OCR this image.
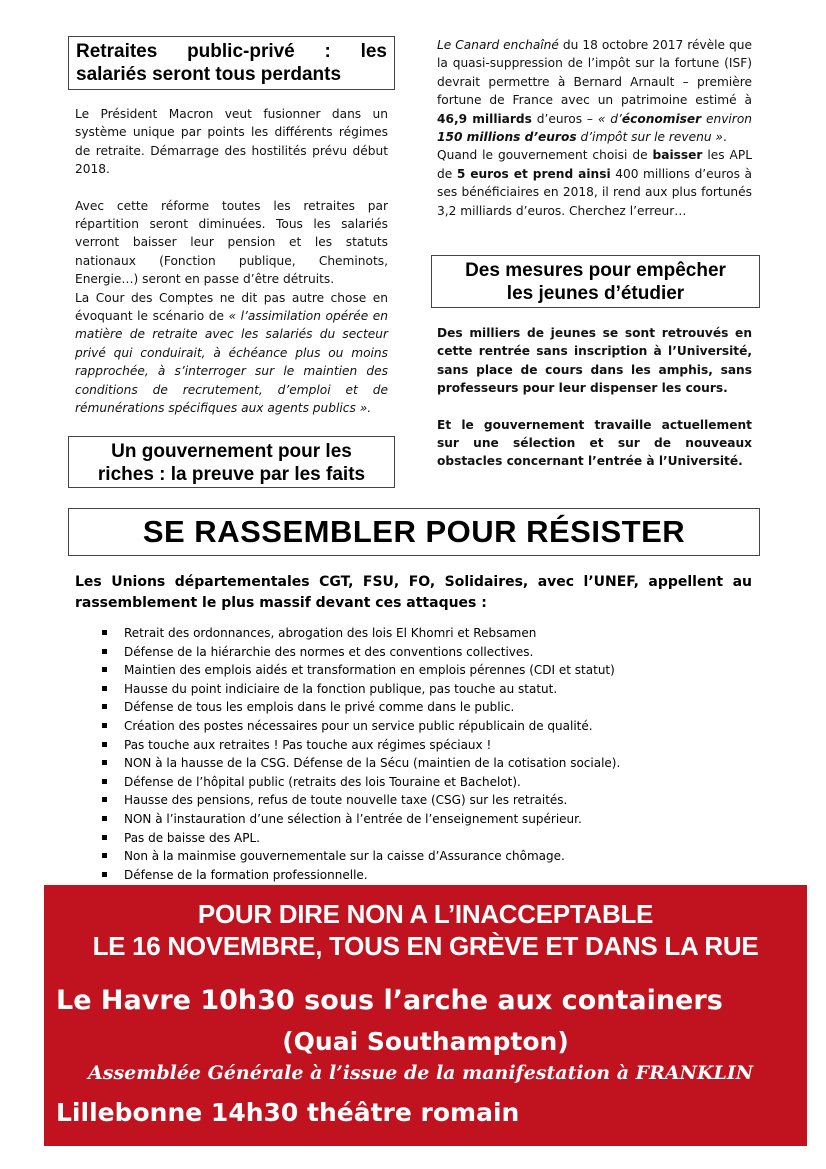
Retraites public-privé : les
salariés seront tous perdants

Le Président Macron veut fusionner dans un système unique par points les différents régimes de retraite. Démarrage des hostilités prévu début 2018.

Avec cette réforme toutes les retraites par répartition seront diminuées. Tous les salariés verront baisser leur pension et les statuts nationaux (Fonction publique, Cheminots, Energie…) seront en passe d’être détruits.

La Cour des Comptes ne dit pas autre chose en évoquant le scénario de « l’assimilation opérée en matière de retraite avec les salariés du secteur privé qui conduirait, à échéance plus ou moins rapprochée, à s’interroger sur le maintien des conditions de recrutement, d’emploi et de rémunérations spécifiques aux agents publics ».

Un gouvernement pour les
riches : la preuve par les faits

Le Canard enchaîné du 18 octobre 2017 révèle que la quasi-suppression de l’impôt sur la fortune (ISF) devrait permettre à Bernard Arnault – première fortune de France avec un patrimoine estimé à 46,9 milliards d’euros – « d’économiser environ 150 millions d’euros d’impôt sur le revenu ».

Quand le gouvernement choisi de baisser les APL de 5 euros et prend ainsi 400 millions d’euros à ses bénéficiaires en 2018, il rend aux plus fortunés 3,2 milliards d’euros. Cherchez l’erreur…

Des mesures pour empêcher
les jeunes d’étudier

Des milliers de jeunes se sont retrouvés en cette rentrée sans inscription à l’Université, sans place de cours dans les amphis, sans professeurs pour leur dispenser les cours.

Et le gouvernement travaille actuellement sur une sélection et sur de nouveaux obstacles concernant l’entrée à l’Université.

SE RASSEMBLER POUR RÉSISTER
Les Unions départementales CGT, FSU, FO, Solidaires, avec l’UNEF, appellent au rassemblement le plus massif devant ces attaques :
Retrait des ordonnances, abrogation des lois El Khomri et Rebsamen
Défense de la hiérarchie des normes et des conventions collectives.
Maintien des emplois aidés et transformation en emplois pérennes (CDI et statut)
Hausse du point indiciaire de la fonction publique, pas touche au statut.
Défense de tous les emplois dans le privé comme dans le public.
Création des postes nécessaires pour un service public républicain de qualité.
Pas touche aux retraites ! Pas touche aux régimes spéciaux !
NON à la hausse de la CSG. Défense de la Sécu (maintien de la cotisation sociale).
Défense de l’hôpital public (retraits des lois Touraine et Bachelot).
Hausse des pensions, refus de toute nouvelle taxe (CSG) sur les retraités.
NON à l’instauration d’une sélection à l’entrée de l’enseignement supérieur.
Pas de baisse des APL.
Non à la mainmise gouvernementale sur la caisse d’Assurance chômage.
Défense de la formation professionnelle.
POUR DIRE NON A L’INACCEPTABLE
LE 16 NOVEMBRE, TOUS EN GRÈVE ET DANS LA RUE
Le Havre 10h30 sous l’arche aux containers
(Quai Southampton)
Assemblée Générale à l’issue de la manifestation à FRANKLIN
Lillebonne 14h30 théâtre romain
